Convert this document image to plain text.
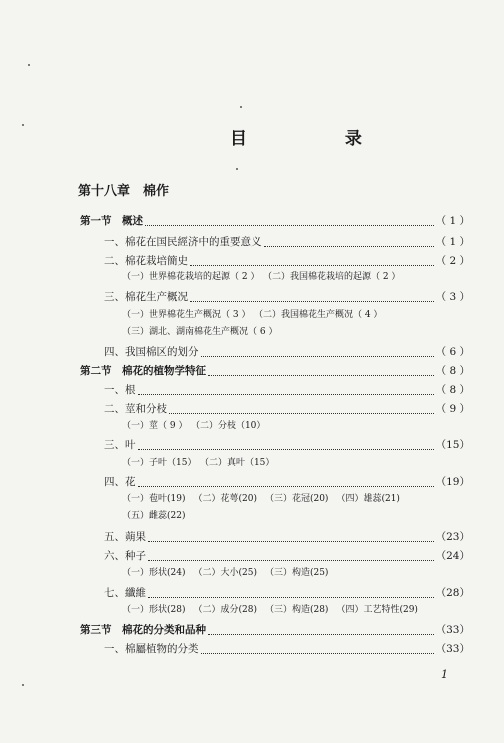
目 录
第十八章　棉作
第一节　概述	（ 1 ）
一、棉花在国民經济中的重要意义	（ 1 ）
二、棉花栽培簡史	（ 2 ）
（一）世界棉花栽培的起源（ 2 ） （二）我国棉花栽培的起源（ 2 ）
三、棉花生产概况	（ 3 ）
（一）世界棉花生产概況（ 3 ） （二）我国棉花生产概况（ 4 ）
（三）湖北、湖南棉花生产概况（ 6 ）
四、我国棉区的划分	（ 6 ）
第二节　棉花的植物学特征	（ 8 ）
一、根	（ 8 ）
二、莖和分枝	（ 9 ）
（一）莖（ 9 ） （二）分枝（10）
三、叶	（15）
（一）子叶（15） （二）真叶（15）
四、花	（19）
（一）苞叶(19) （二）花萼(20) （三）花冠(20) （四）雄蕊(21)
（五）雌蕊(22)
五、蒴果	（23）
六、种子	（24）
（一）形状(24) （二）大小(25) （三）构造(25)
七、纖維	（28）
（一）形状(28) （二）成分(28) （三）构造(28) （四）工艺特性(29)
第三节　棉花的分类和品种	（33）
一、棉屬植物的分类	（33）
1
